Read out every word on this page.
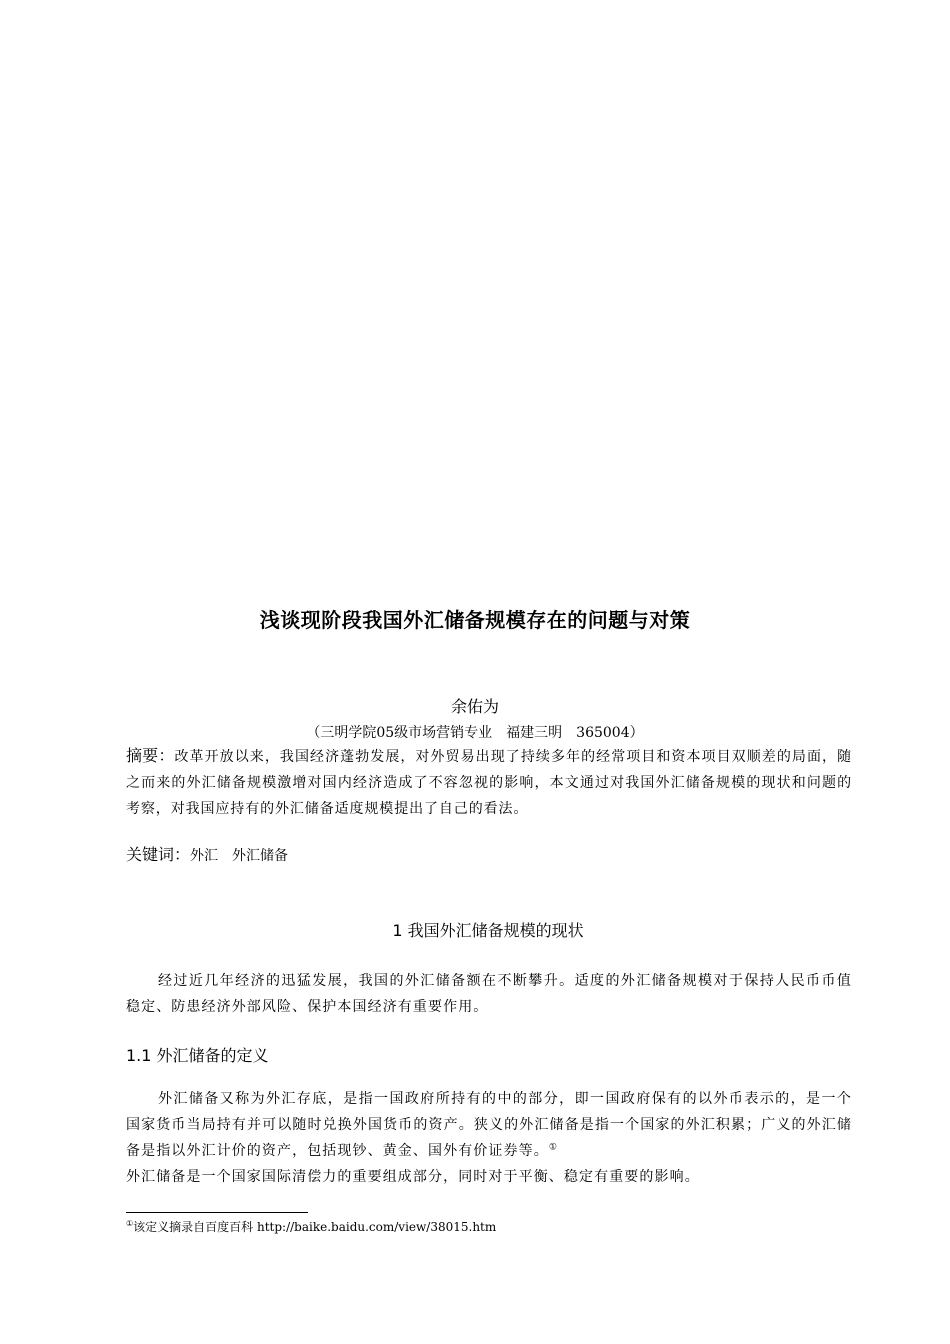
浅谈现阶段我国外汇储备规模存在的问题与对策
余佑为
（三明学院05级市场营销专业　福建三明　365004）
摘要：改革开放以来，我国经济蓬勃发展，对外贸易出现了持续多年的经常项目和资本项目双顺差的局面，随之而来的外汇储备规模激增对国内经济造成了不容忽视的影响，本文通过对我国外汇储备规模的现状和问题的考察，对我国应持有的外汇储备适度规模提出了自己的看法。
关键词：外汇　外汇储备
1 我国外汇储备规模的现状
经过近几年经济的迅猛发展，我国的外汇储备额在不断攀升。适度的外汇储备规模对于保持人民币币值稳定、防患经济外部风险、保护本国经济有重要作用。
1.1 外汇储备的定义
外汇储备又称为外汇存底，是指一国政府所持有的中的部分，即一国政府保有的以外币表示的，是一个国家货币当局持有并可以随时兑换外国货币的资产。狭义的外汇储备是指一个国家的外汇积累；广义的外汇储备是指以外汇计价的资产，包括现钞、黄金、国外有价证券等。①
外汇储备是一个国家国际清偿力的重要组成部分，同时对于平衡、稳定有重要的影响。
①该定义摘录自百度百科 http://baike.baidu.com/view/38015.htm
